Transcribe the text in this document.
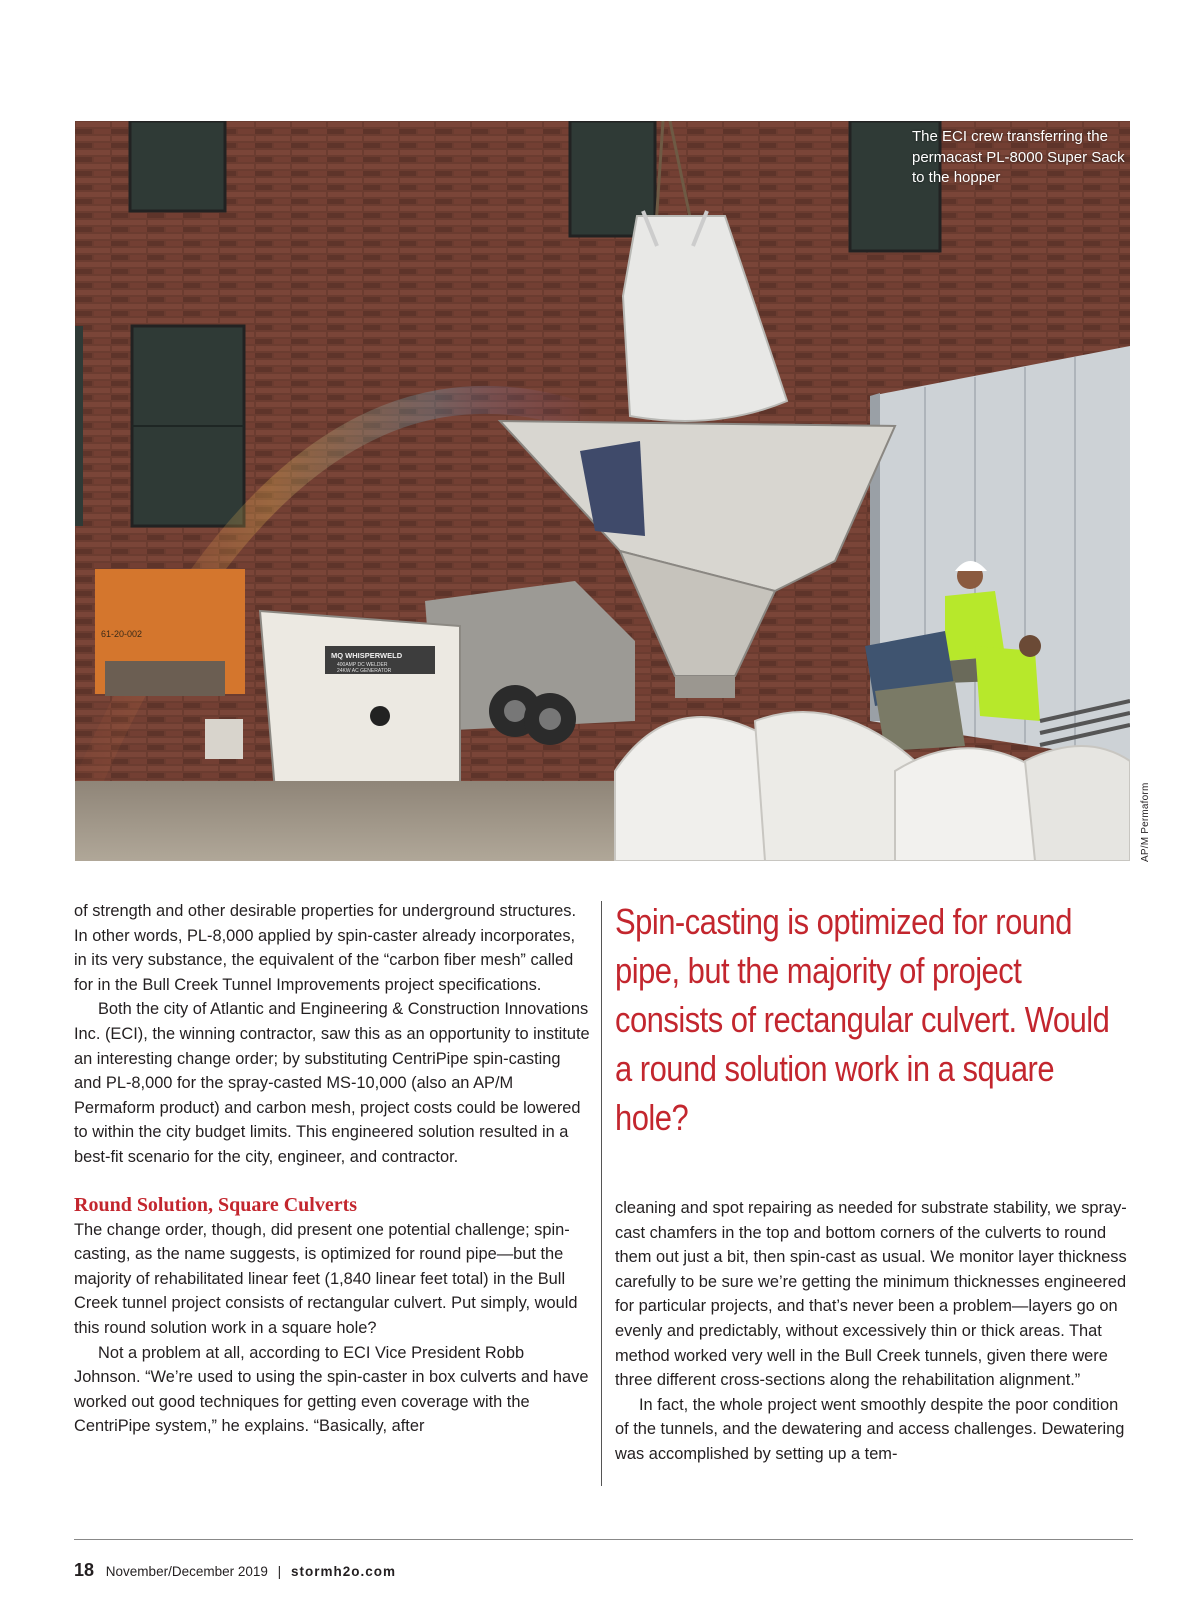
61-20-002
MQ WHISPERWELD
400AMP DC WELDER
24KW AC GENERATOR
The ECI crew transferring the permacast PL-8000 Super Sack to the hopper
AP/M Permaform

of strength and other desirable properties for underground structures. In other words, PL-8,000 applied by spin-caster already incorporates, in its very substance, the equivalent of the “carbon fiber mesh” called for in the Bull Creek Tunnel Improvements project specifications.

Both the city of Atlantic and Engineering & Construction Innovations Inc. (ECI), the winning contractor, saw this as an opportunity to institute an interesting change order; by substituting CentriPipe spin-casting and PL-8,000 for the spray-casted MS-10,000 (also an AP/M Permaform product) and carbon mesh, project costs could be lowered to within the city budget limits. This engineered solution resulted in a best-fit scenario for the city, engineer, and contractor.

Round Solution, Square Culverts

The change order, though, did present one potential challenge; spin-casting, as the name suggests, is optimized for round pipe—but the majority of rehabilitated linear feet (1,840 linear feet total) in the Bull Creek tunnel project consists of rectangular culvert. Put simply, would this round solution work in a square hole?

Not a problem at all, according to ECI Vice President Robb Johnson. “We’re used to using the spin-caster in box culverts and have worked out good techniques for getting even coverage with the CentriPipe system,” he explains. “Basically, after

Spin-casting is optimized for round pipe, but the majority of project consists of rectangular culvert. Would a round solution work in a square hole?

cleaning and spot repairing as needed for substrate stability, we spray-cast chamfers in the top and bottom corners of the culverts to round them out just a bit, then spin-cast as usual. We monitor layer thickness carefully to be sure we’re getting the minimum thicknesses engineered for particular projects, and that’s never been a problem—layers go on evenly and predictably, without excessively thin or thick areas. That method worked very well in the Bull Creek tunnels, given there were three different cross-sections along the rehabilitation alignment.”

In fact, the whole project went smoothly despite the poor condition of the tunnels, and the dewatering and access challenges. Dewatering was accomplished by setting up a tem-

18 November/December 2019 | stormh2o.com
